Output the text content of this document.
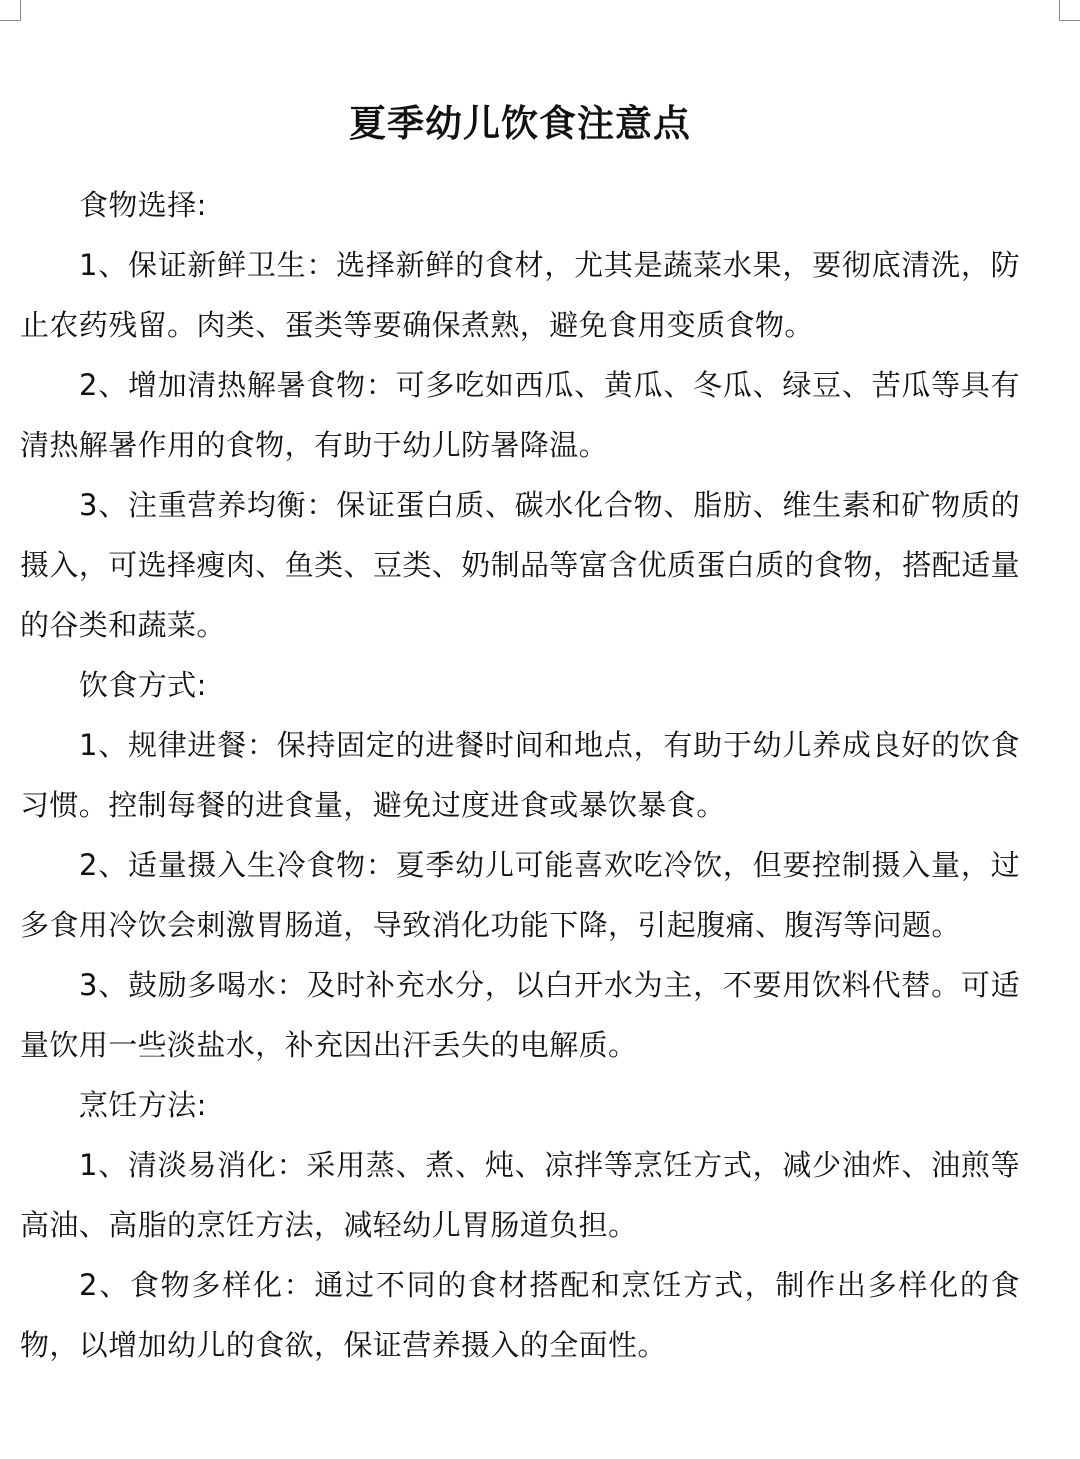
夏季幼儿饮食注意点

食物选择:

1、保证新鲜卫生：选择新鲜的食材，尤其是蔬菜水果，要彻底清洗，防止农药残留。肉类、蛋类等要确保煮熟，避免食用变质食物。

2、增加清热解暑食物：可多吃如西瓜、黄瓜、冬瓜、绿豆、苦瓜等具有清热解暑作用的食物，有助于幼儿防暑降温。

3、注重营养均衡：保证蛋白质、碳水化合物、脂肪、维生素和矿物质的摄入，可选择瘦肉、鱼类、豆类、奶制品等富含优质蛋白质的食物，搭配适量的谷类和蔬菜。

饮食方式:

1、规律进餐：保持固定的进餐时间和地点，有助于幼儿养成良好的饮食习惯。控制每餐的进食量，避免过度进食或暴饮暴食。

2、适量摄入生冷食物：夏季幼儿可能喜欢吃冷饮，但要控制摄入量，过多食用冷饮会刺激胃肠道，导致消化功能下降，引起腹痛、腹泻等问题。

3、鼓励多喝水：及时补充水分，以白开水为主，不要用饮料代替。可适量饮用一些淡盐水，补充因出汗丢失的电解质。

烹饪方法:

1、清淡易消化：采用蒸、煮、炖、凉拌等烹饪方式，减少油炸、油煎等高油、高脂的烹饪方法，减轻幼儿胃肠道负担。

2、食物多样化：通过不同的食材搭配和烹饪方式，制作出多样化的食物，以增加幼儿的食欲，保证营养摄入的全面性。
